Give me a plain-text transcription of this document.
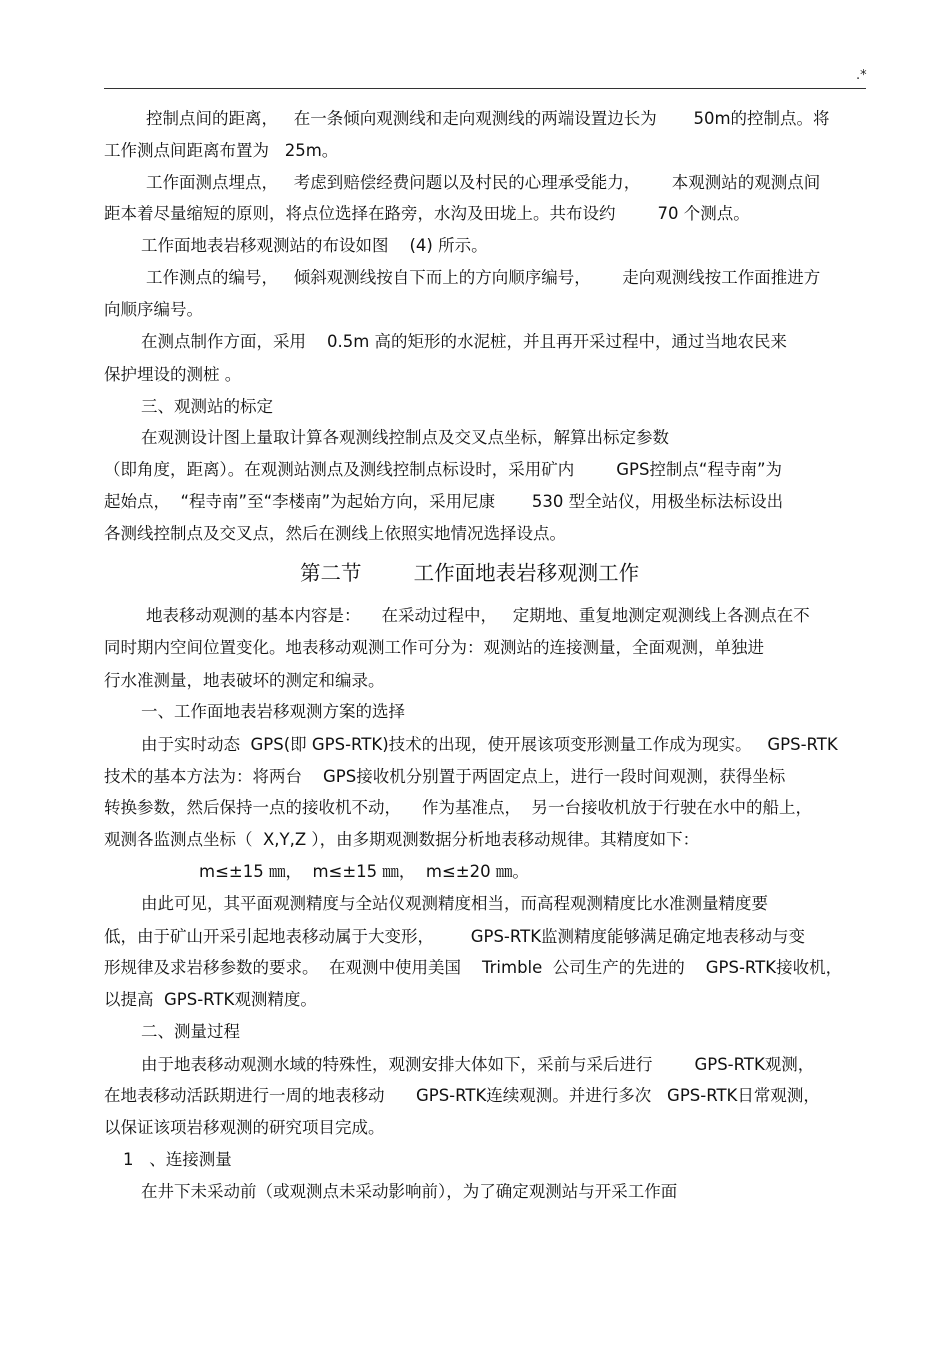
.*
控制点间的距离，   在一条倾向观测线和走向观测线的两端设置边长为       50m的控制点。将
工作测点间距离布置为   25m。
工作面测点埋点，   考虑到赔偿经费问题以及村民的心理承受能力，      本观测站的观测点间
距本着尽量缩短的原则，将点位选择在路旁，水沟及田垅上。共布设约        70 个测点。
工作面地表岩移观测站的布设如图    (4) 所示。
工作测点的编号，   倾斜观测线按自下而上的方向顺序编号，      走向观测线按工作面推进方
向顺序编号。
在测点制作方面，采用    0.5m 高的矩形的水泥桩，并且再开采过程中，通过当地农民来
保护埋设的测桩 。
三、观测站的标定
在观测设计图上量取计算各观测线控制点及交叉点坐标，解算出标定参数
（即角度，距离）。在观测站测点及测线控制点标设时，采用矿内        GPS控制点“程寺南”为
起始点，  “程寺南”至“李楼南”为起始方向，采用尼康       530 型全站仪，用极坐标法标设出
各测线控制点及交叉点，然后在测线上依照实地情况选择设点。
第二节        工作面地表岩移观测工作
地表移动观测的基本内容是：    在采动过程中，   定期地、重复地测定观测线上各测点在不
同时期内空间位置变化。地表移动观测工作可分为：观测站的连接测量，全面观测，单独进
行水准测量，地表破坏的测定和编录。
一、工作面地表岩移观测方案的选择
由于实时动态  GPS(即 GPS-RTK)技术的出现，使开展该项变形测量工作成为现实。   GPS-RTK
技术的基本方法为：将两台    GPS接收机分别置于两固定点上，进行一段时间观测，获得坐标
转换参数，然后保持一点的接收机不动，    作为基准点，  另一台接收机放于行驶在水中的船上，
观测各监测点坐标（  X,Y,Z ），由多期观测数据分析地表移动规律。其精度如下：
m≤±15 ㎜，  m≤±15 ㎜，  m≤±20 ㎜。
由此可见，其平面观测精度与全站仪观测精度相当，而高程观测精度比水准测量精度要
低，由于矿山开采引起地表移动属于大变形，       GPS-RTK监测精度能够满足确定地表移动与变
形规律及求岩移参数的要求。  在观测中使用美国    Trimble  公司生产的先进的    GPS-RTK接收机，
以提高  GPS-RTK观测精度。
二、测量过程
由于地表移动观测水域的特殊性，观测安排大体如下，采前与采后进行        GPS-RTK观测，
在地表移动活跃期进行一周的地表移动      GPS-RTK连续观测。并进行多次   GPS-RTK日常观测，
以保证该项岩移观测的研究项目完成。
1   、连接测量
在井下未采动前（或观测点未采动影响前），为了确定观测站与开采工作面
